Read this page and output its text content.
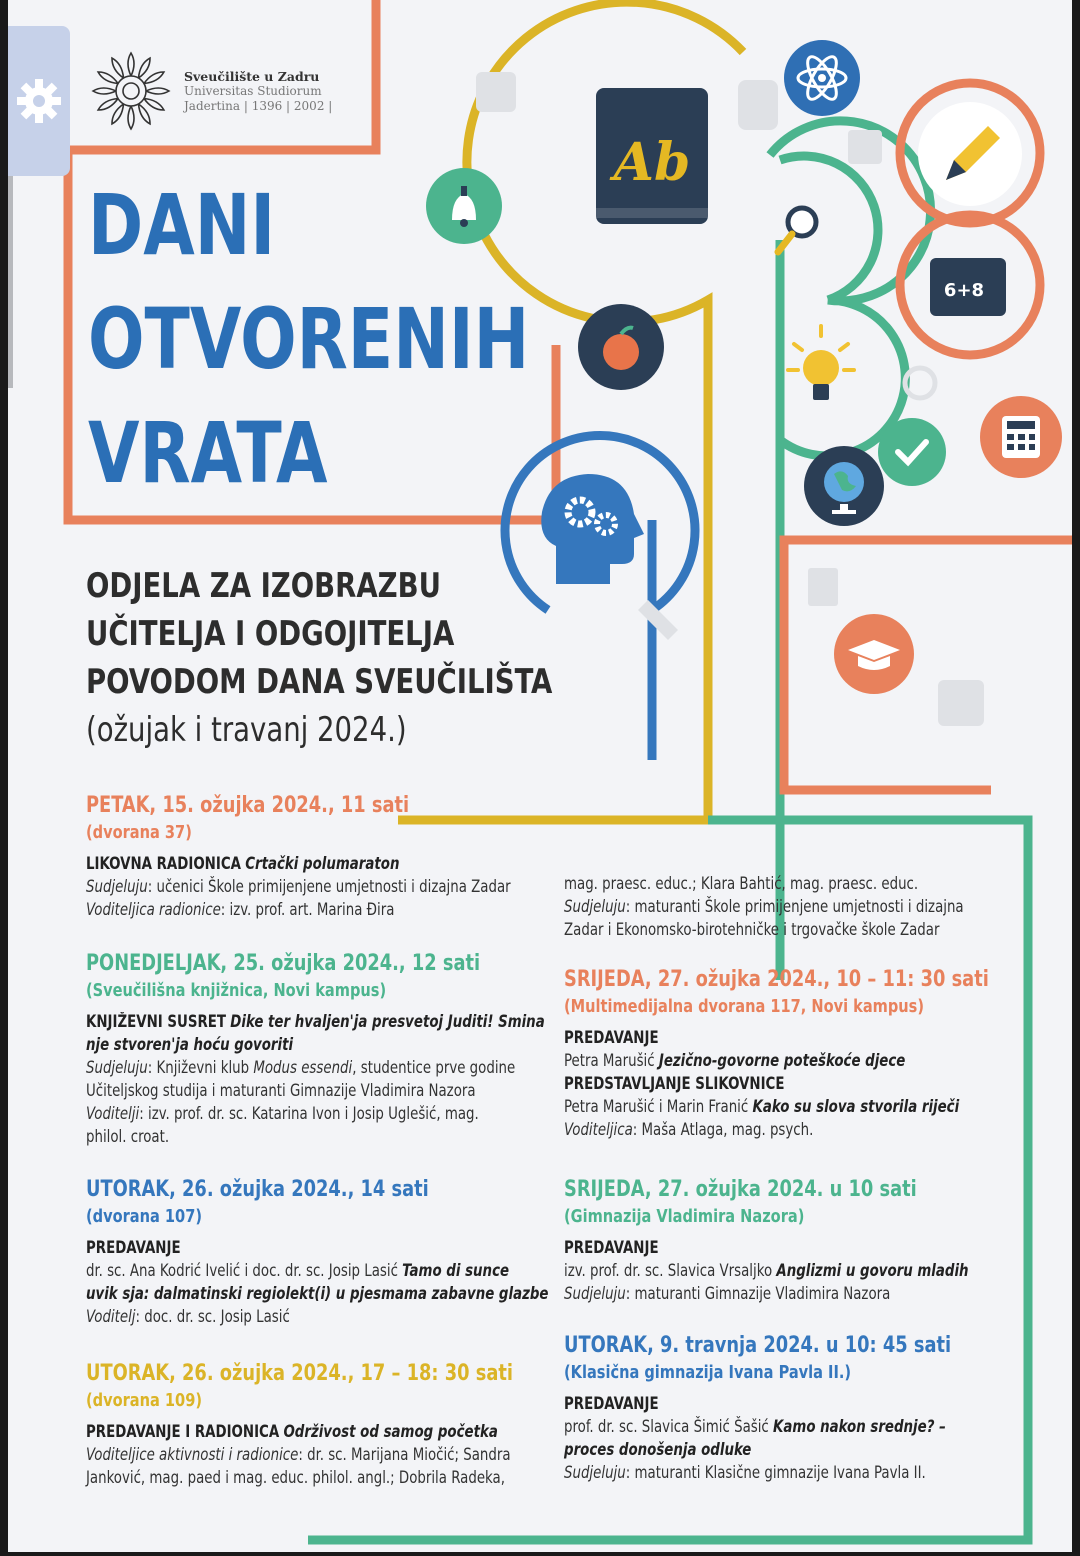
Ab
6+8
Sveučilište u Zadru
Universitas Studiorum
Jadertina | 1396 | 2002 |
DANI
OTVORENIH
VRATA
ODJELA ZA IZOBRAZBU
UČITELJA I ODGOJITELJA
POVODOM DANA SVEUČILIŠTA
(ožujak i travanj 2024.)
PETAK, 15. ožujka 2024., 11 sati
(dvorana 37)
LIKOVNA RADIONICA Crtački polumaraton
Sudjeluju: učenici Škole primijenjene umjetnosti i dizajna Zadar
Voditeljica radionice: izv. prof. art. Marina Đira
PONEDJELJAK, 25. ožujka 2024., 12 sati
(Sveučilišna knjižnica, Novi kampus)
KNJIŽEVNI SUSRET Dike ter hvaljen'ja presvetoj Juditi! Smina
nje stvoren'ja hoću govoriti
Sudjeluju: Književni klub Modus essendi, studentice prve godine
Učiteljskog studija i maturanti Gimnazije Vladimira Nazora
Voditelji: izv. prof. dr. sc. Katarina Ivon i Josip Uglešić, mag.
philol. croat.
UTORAK, 26. ožujka 2024., 14 sati
(dvorana 107)
PREDAVANJE
dr. sc. Ana Kodrić Ivelić i doc. dr. sc. Josip Lasić Tamo di sunce
uvik sja: dalmatinski regiolekt(i) u pjesmama zabavne glazbe
Voditelj: doc. dr. sc. Josip Lasić
UTORAK, 26. ožujka 2024., 17 – 18: 30 sati
(dvorana 109)
PREDAVANJE I RADIONICA Održivost od samog početka
Voditeljice aktivnosti i radionice: dr. sc. Marijana Miočić; Sandra
Janković, mag. paed i mag. educ. philol. angl.; Dobrila Radeka,
mag. praesc. educ.; Klara Bahtić, mag. praesc. educ.
Sudjeluju: maturanti Škole primijenjene umjetnosti i dizajna
Zadar i Ekonomsko-birotehničke i trgovačke škole Zadar
SRIJEDA, 27. ožujka 2024., 10 – 11: 30 sati
(Multimedijalna dvorana 117, Novi kampus)
PREDAVANJE
Petra Marušić Jezično-govorne poteškoće djece
PREDSTAVLJANJE SLIKOVNICE
Petra Marušić i Marin Franić Kako su slova stvorila riječi
Voditeljica: Maša Atlaga, mag. psych.
SRIJEDA, 27. ožujka 2024. u 10 sati
(Gimnazija Vladimira Nazora)
PREDAVANJE
izv. prof. dr. sc. Slavica Vrsaljko Anglizmi u govoru mladih
Sudjeluju: maturanti Gimnazije Vladimira Nazora
UTORAK, 9. travnja 2024. u 10: 45 sati
(Klasična gimnazija Ivana Pavla II.)
PREDAVANJE
prof. dr. sc. Slavica Šimić Šašić Kamo nakon srednje? –
proces donošenja odluke
Sudjeluju: maturanti Klasične gimnazije Ivana Pavla II.
